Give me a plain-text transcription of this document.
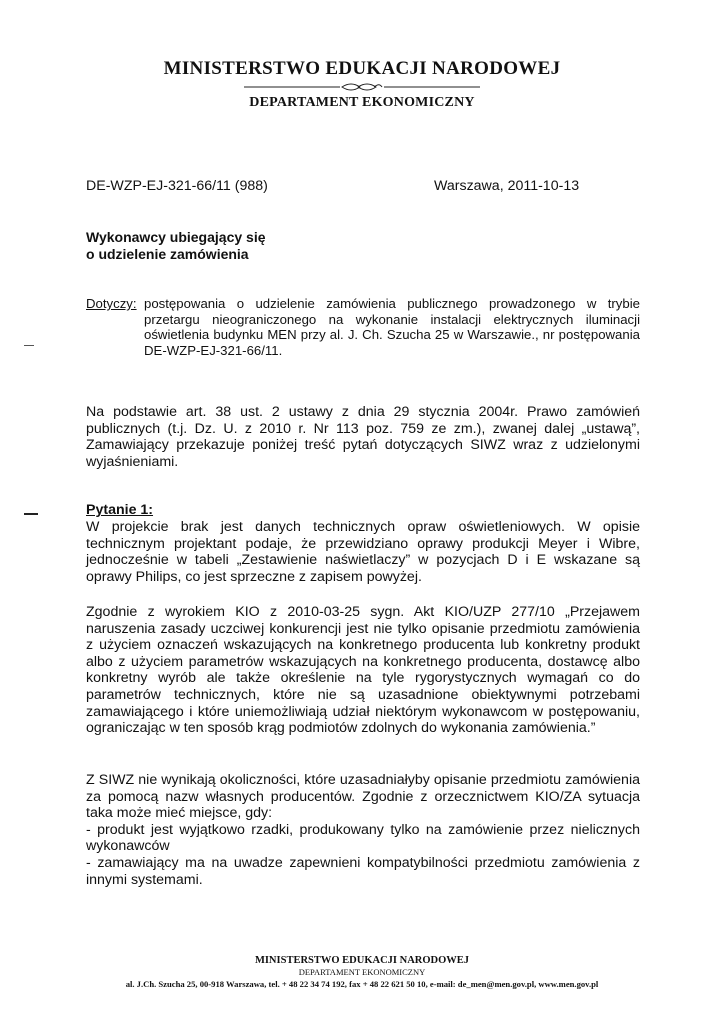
MINISTERSTWO EDUKACJI NARODOWEJ
DEPARTAMENT EKONOMICZNY
DE-WZP-EJ-321-66/11 (988)	Warszawa, 2011-10-13
Wykonawcy ubiegający się
o udzielenie zamówienia
Dotyczy: postępowania o udzielenie zamówienia publicznego prowadzonego w trybie przetargu nieograniczonego na wykonanie instalacji elektrycznych iluminacji oświetlenia budynku MEN przy al. J. Ch. Szucha 25 w Warszawie., nr postępowania DE-WZP-EJ-321-66/11.
Na podstawie art. 38 ust. 2 ustawy z dnia 29 stycznia 2004r. Prawo zamówień publicznych (t.j. Dz. U. z 2010 r. Nr 113 poz. 759 ze zm.), zwanej dalej „ustawą”, Zamawiający przekazuje poniżej treść pytań dotyczących SIWZ wraz z udzielonymi wyjaśnieniami.
Pytanie 1:
W projekcie brak jest danych technicznych opraw oświetleniowych. W opisie technicznym projektant podaje, że przewidziano oprawy produkcji Meyer i Wibre, jednocześnie w tabeli „Zestawienie naświetlaczy” w pozycjach D i E wskazane są oprawy Philips, co jest sprzeczne z zapisem powyżej.
Zgodnie z wyrokiem KIO z 2010-03-25 sygn. Akt KIO/UZP 277/10 „Przejawem naruszenia zasady uczciwej konkurencji jest nie tylko opisanie przedmiotu zamówienia z użyciem oznaczeń wskazujących na konkretnego producenta lub konkretny produkt albo z użyciem parametrów wskazujących na konkretnego producenta, dostawcę albo konkretny wyrób ale także określenie na tyle rygorystycznych wymagań co do parametrów technicznych, które nie są uzasadnione obiektywnymi potrzebami zamawiającego i które uniemożliwiają udział niektórym wykonawcom w postępowaniu, ograniczając w ten sposób krąg podmiotów zdolnych do wykonania zamówienia.”
Z SIWZ nie wynikają okoliczności, które uzasadniałyby opisanie przedmiotu zamówienia za pomocą nazw własnych producentów. Zgodnie z orzecznictwem KIO/ZA sytuacja taka może mieć miejsce, gdy:
- produkt jest wyjątkowo rzadki, produkowany tylko na zamówienie przez nielicznych wykonawców
- zamawiający ma na uwadze zapewnieni kompatybilności przedmiotu zamówienia z innymi systemami.
MINISTERSTWO EDUKACJI NARODOWEJ
DEPARTAMENT EKONOMICZNY
al. J.Ch. Szucha 25, 00-918 Warszawa, tel. + 48 22 34 74 192, fax + 48 22 621 50 10, e-mail: de_men@men.gov.pl, www.men.gov.pl
